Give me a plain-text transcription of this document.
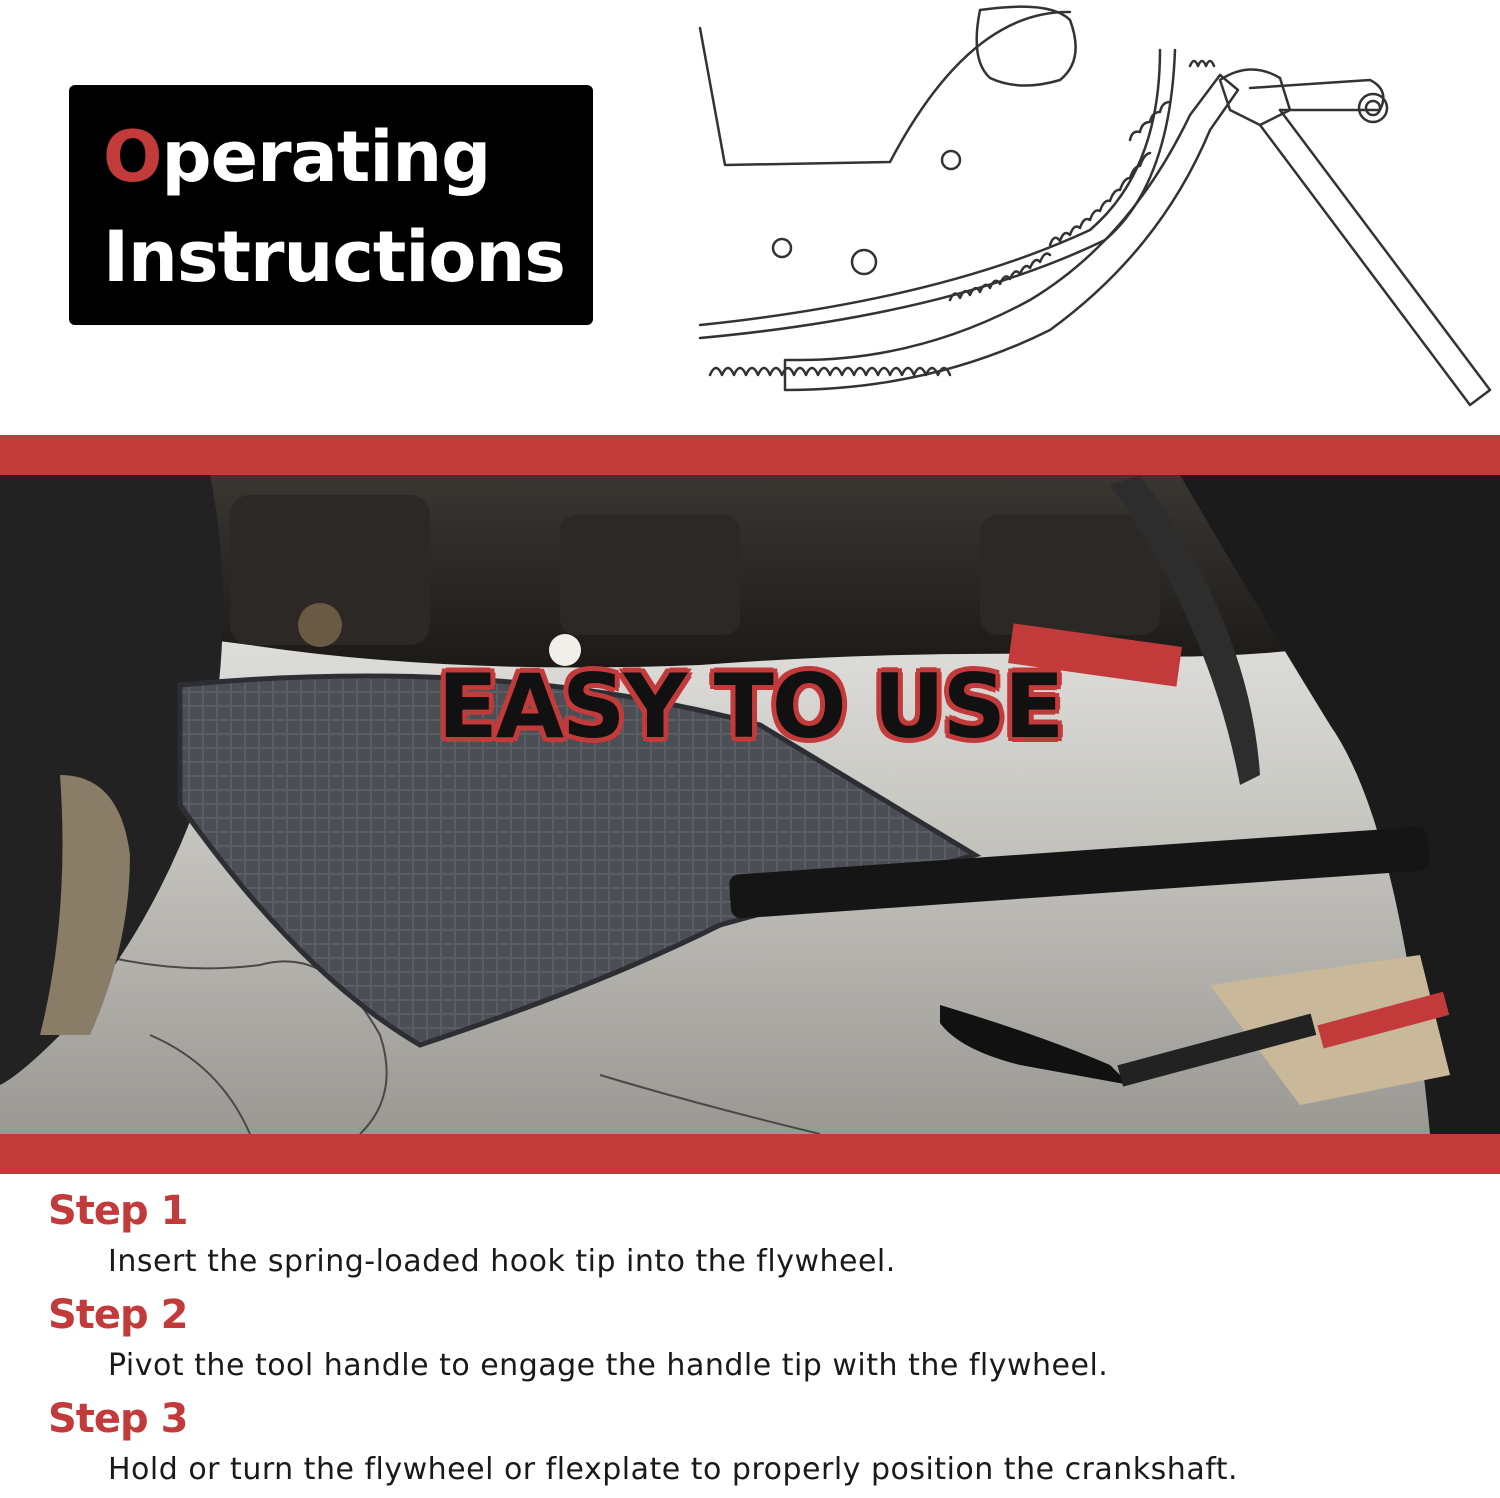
Operating
Instructions
EASY TO USE
Step 1
Insert the spring-loaded hook tip into the flywheel.
Step 2
Pivot the tool handle to engage the handle tip with the flywheel.
Step 3
Hold or turn the flywheel or flexplate to properly position the crankshaft.
